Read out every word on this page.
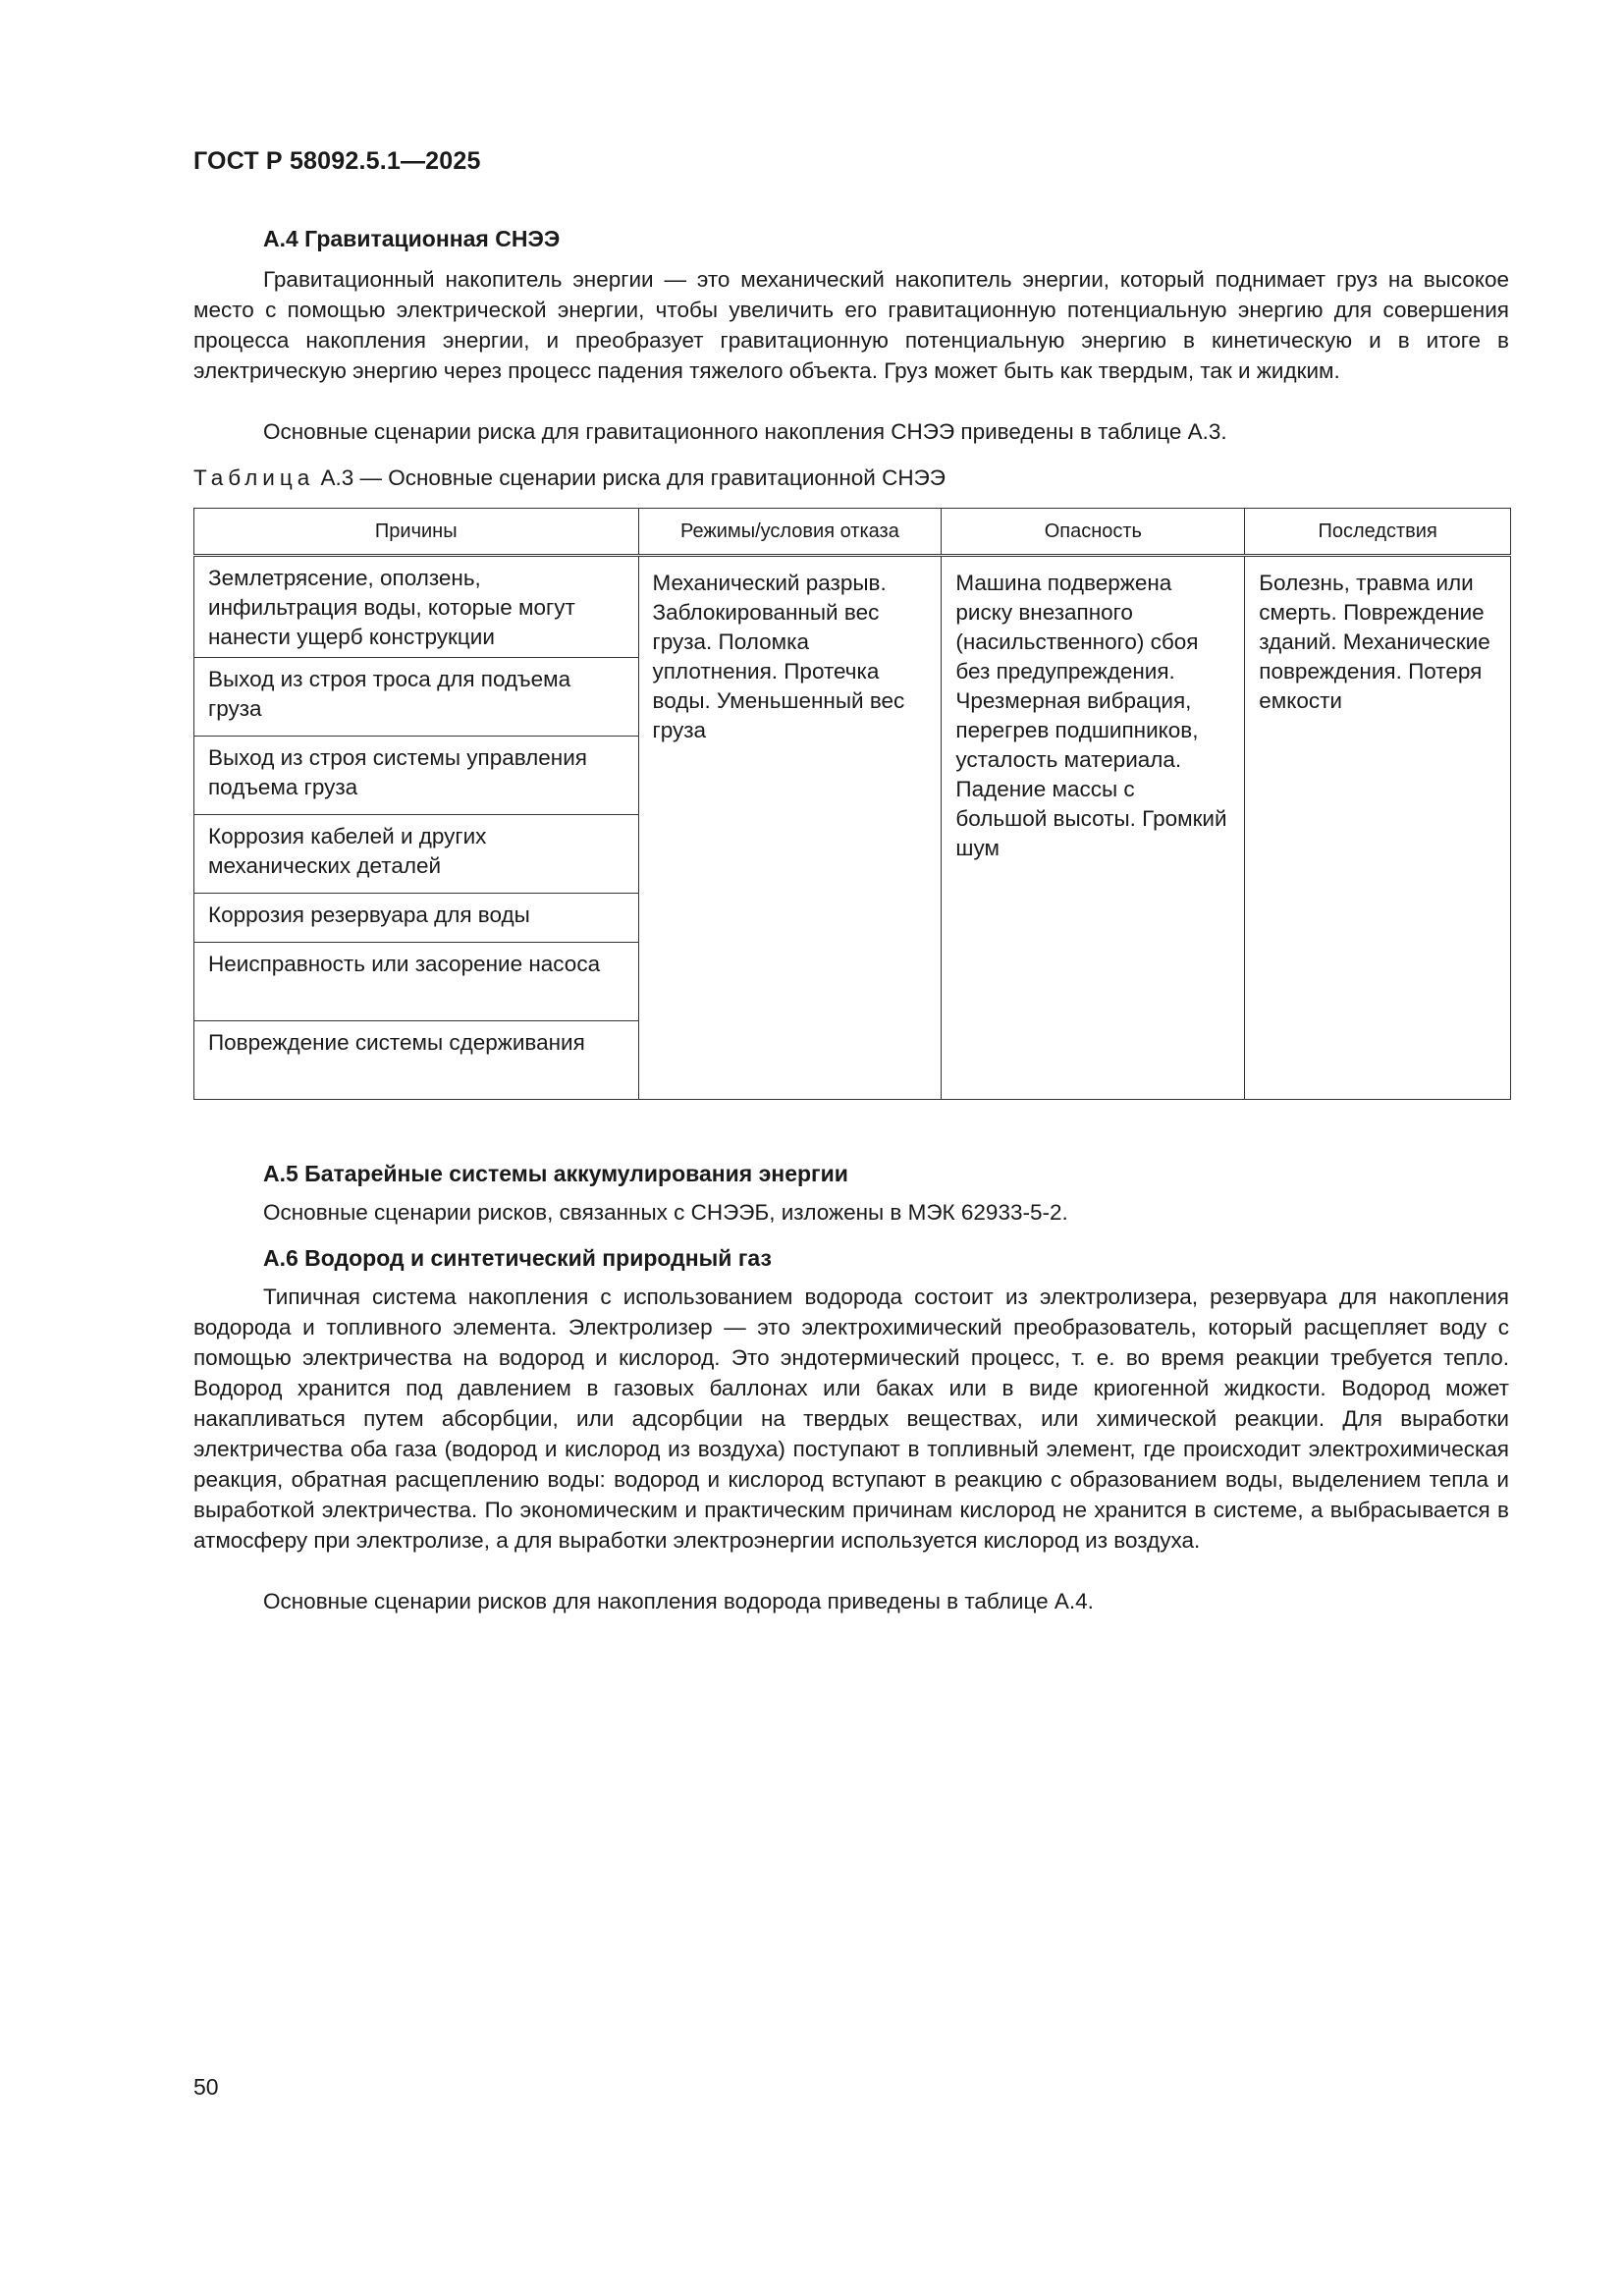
ГОСТ Р 58092.5.1—2025
А.4 Гравитационная СНЭЭ

Гравитационный накопитель энергии — это механический накопитель энергии, который поднимает груз на высокое место с помощью электрической энергии, чтобы увеличить его гравитационную потенциальную энергию для совершения процесса накопления энергии, и преобразует гравитационную потенциальную энергию в кинетическую и в итоге в электрическую энергию через процесс падения тяжелого объекта. Груз может быть как твердым, так и жидким.

Основные сценарии риска для гравитационного накопления СНЭЭ приведены в таблице А.3.

Таблица А.3 — Основные сценарии риска для гравитационной СНЭЭ
Причины	Режимы/условия отказа	Опасность	Последствия
Землетрясение, оползень, инфильтрация воды, которые могут нанести ущерб конструкции	Механический разрыв. Заблокированный вес груза. Поломка уплотнения. Протечка воды. Уменьшенный вес груза	Машина подвержена риску внезапного (насильственного) сбоя без предупреждения. Чрезмерная вибрация, перегрев подшипников, усталость материала. Падение массы с большой высоты. Громкий шум	Болезнь, травма или смерть. Повреждение зданий. Механические повреждения. Потеря емкости
Выход из строя троса для подъема груза			
Выход из строя системы управления подъема груза			
Коррозия кабелей и других механических деталей			
Коррозия резервуара для воды			
Неисправность или засорение насоса			
Повреждение системы сдерживания			
А.5 Батарейные системы аккумулирования энергии

Основные сценарии рисков, связанных с СНЭЭБ, изложены в МЭК 62933-5-2.

А.6 Водород и синтетический природный газ

Типичная система накопления с использованием водорода состоит из электролизера, резервуара для накопления водорода и топливного элемента. Электролизер — это электрохимический преобразователь, который расщепляет воду с помощью электричества на водород и кислород. Это эндотермический процесс, т. е. во время реакции требуется тепло. Водород хранится под давлением в газовых баллонах или баках или в виде криогенной жидкости. Водород может накапливаться путем абсорбции, или адсорбции на твердых веществах, или химической реакции. Для выработки электричества оба газа (водород и кислород из воздуха) поступают в топливный элемент, где происходит электрохимическая реакция, обратная расщеплению воды: водород и кислород вступают в реакцию с образованием воды, выделением тепла и выработкой электричества. По экономическим и практическим причинам кислород не хранится в системе, а выбрасывается в атмосферу при электролизе, а для выработки электроэнергии используется кислород из воздуха.

Основные сценарии рисков для накопления водорода приведены в таблице А.4.

50
